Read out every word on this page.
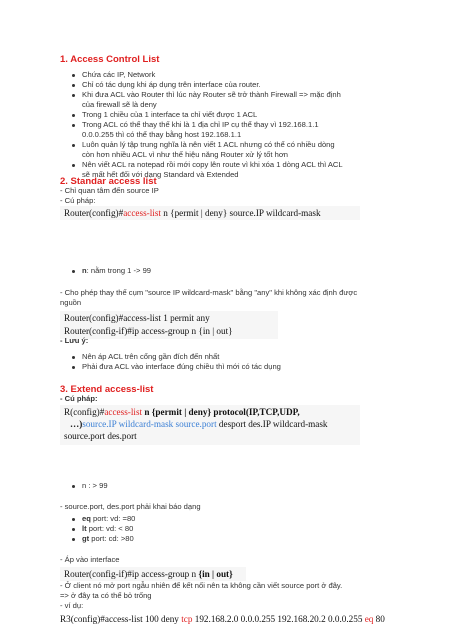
1. Access Control List
Chứa các IP, Network
Chỉ có tác dụng khi áp dụng trên interface của router.
Khi đưa ACL vào Router thì lúc này Router sẽ trở thành Firewall => mặc định
của firewall sẽ là deny
Trong 1 chiều của 1 interface ta chỉ viết được 1 ACL
Trong ACL có thể thay thế khi là 1 địa chỉ IP cụ thể thay vì 192.168.1.1
0.0.0.255 thì có thể thay bằng host 192.168.1.1
Luôn quản lý tập trung nghĩa là nên viết 1 ACL nhưng có thể có nhiều dòng
còn hơn nhiều ACL vì như thế hiệu năng Router xử lý tốt hơn
Nên viết ACL ra notepad rồi mới copy lên route vì khi xóa 1 dòng ACL thì ACL
sẽ mất hết đối với dạng Standard và Extended
2. Standar access list
- Chỉ quan tâm đến source IP
- Cú pháp:
Router(config)#access-list n {permit | deny} source.IP wildcard-mask
n: nằm trong 1 -> 99
- Cho phép thay thế cụm "source IP wildcard-mask" bằng "any" khi không xác định được
nguồn
Router(config)#access-list 1 permit any
Router(config-if)#ip access-group n {in | out}
- Lưu ý:
Nên áp ACL trên cổng gần đích đến nhất
Phải đưa ACL vào interface đúng chiều thì mới có tác dụng
3. Extend access-list
- Cú pháp:
R(config)#access-list n {permit | deny} protocol(IP,TCP,UDP,
…)source.IP wildcard-mask source.port desport des.IP wildcard-mask
source.port des.port
n : > 99
- source.port, des.port phải khai báo dạng
eq port: vd: =80
lt port: vd: < 80
gt port: cd: >80
- Áp vào interface
Router(config-if)#ip access-group n {in | out}
- Ở client nó mở port ngẫu nhiên để kết nối nên ta không cần viết source port ở đây.
=> ở đây ta có thể bỏ trống
- ví dụ:
R3(config)#access-list 100 deny tcp 192.168.2.0 0.0.0.255 192.168.20.2 0.0.0.255 eq 80
